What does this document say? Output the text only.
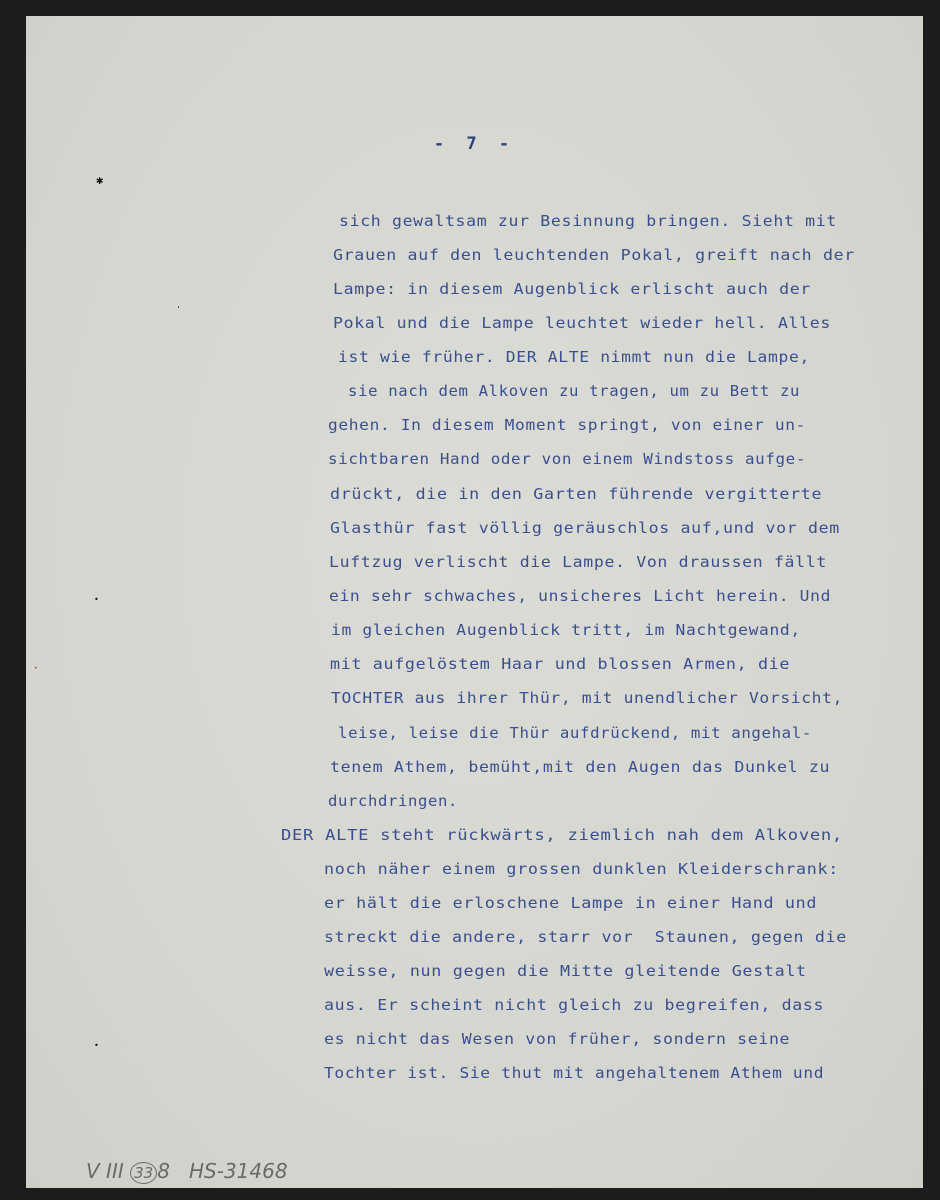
- 7 -
sich gewaltsam zur Besinnung bringen. Sieht mit
Grauen auf den leuchtenden Pokal, greift nach der
Lampe: in diesem Augenblick erlischt auch der
Pokal und die Lampe leuchtet wieder hell. Alles
ist wie früher. DER ALTE nimmt nun die Lampe,
sie nach dem Alkoven zu tragen, um zu Bett zu
gehen. In diesem Moment springt, von einer un-
sichtbaren Hand oder von einem Windstoss aufge-
drückt, die in den Garten führende vergitterte
Glasthür fast völlig geräuschlos auf,und vor dem
Luftzug verlischt die Lampe. Von draussen fällt
ein sehr schwaches, unsicheres Licht herein. Und
im gleichen Augenblick tritt, im Nachtgewand,
mit aufgelöstem Haar und blossen Armen, die
TOCHTER aus ihrer Thür, mit unendlicher Vorsicht,
leise, leise die Thür aufdrückend, mit angehal-
tenem Athem, bemüht,mit den Augen das Dunkel zu
durchdringen.
DER ALTE steht rückwärts, ziemlich nah dem Alkoven,
noch näher einem grossen dunklen Kleiderschrank:
er hält die erloschene Lampe in einer Hand und
streckt die andere, starr vor  Staunen, gegen die
weisse, nun gegen die Mitte gleitende Gestalt
aus. Er scheint nicht gleich zu begreifen, dass
es nicht das Wesen von früher, sondern seine
Tochter ist. Sie thut mit angehaltenem Athem und
✱
'
•
•
•
V III 33 8 HS-31468
